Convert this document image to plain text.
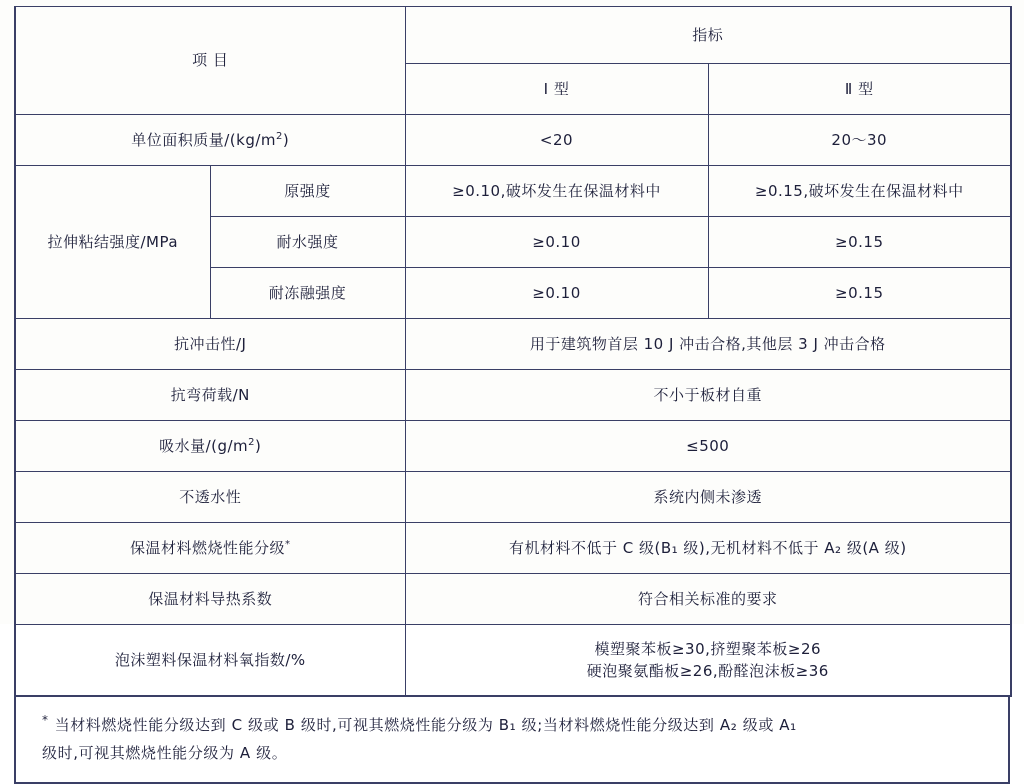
项 目		指标	
		Ⅰ 型	Ⅱ 型
单位面积质量$/(kg/m^2)$		<20	20～30
拉伸粘结强度/MPa	原强度	≥0.10,破坏发生在保温材料中	≥0.15,破坏发生在保温材料中
	耐水强度	≥0.10	≥0.15
	耐冻融强度	≥0.10	≥0.15
抗冲击性/J		用于建筑物首层 10 J 冲击合格,其他层 3 J 冲击合格	
抗弯荷载/N		不小于板材自重	
吸水量$/(g/m^2)$		≤500	
不透水性		系统内侧未渗透	
保温材料燃烧性能分级*		有机材料不低于 C 级(B₁ 级),无机材料不低于 A₂ 级(A 级)	
保温材料导热系数		符合相关标准的要求	
泡沫塑料保温材料氧指数/%		模塑聚苯板≥30,挤塑聚苯板≥26
硬泡聚氨酯板≥26,酚醛泡沫板≥36	
* 当材料燃烧性能分级达到 C 级或 B 级时,可视其燃烧性能分级为 B₁ 级;当材料燃烧性能分级达到 A₂ 级或 A₁
级时,可视其燃烧性能分级为 A 级。
